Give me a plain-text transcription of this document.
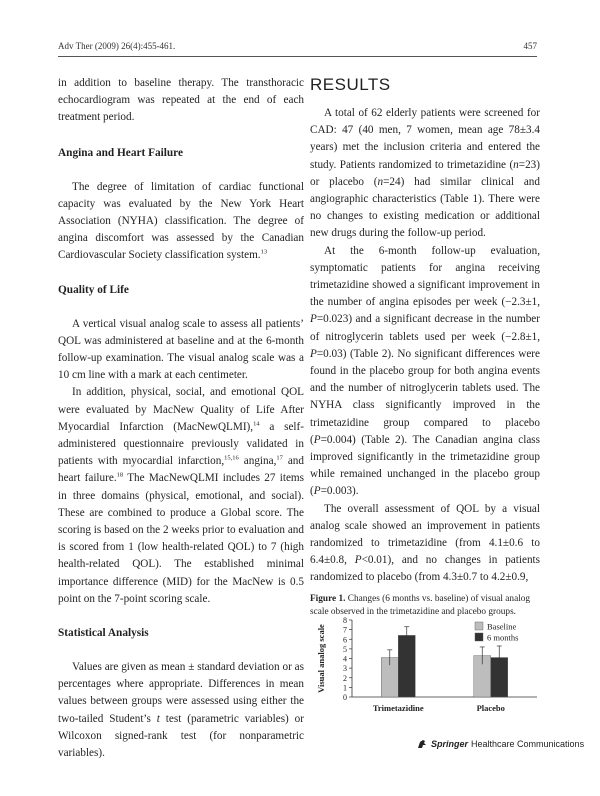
Adv Ther (2009) 26(4):455-461.	457

in addition to baseline therapy. The transthoracic echocardiogram was repeated at the end of each treatment period.

Angina and Heart Failure

The degree of limitation of cardiac functional capacity was evaluated by the New York Heart Association (NYHA) classification. The degree of angina discomfort was assessed by the Canadian Cardiovascular Society classification system.$^{13}$

Quality of Life

A vertical visual analog scale to assess all patients’ QOL was administered at baseline and at the 6-month follow-up examination. The visual analog scale was a 10 cm line with a mark at each centimeter.

In addition, physical, social, and emotional QOL were evaluated by MacNew Quality of Life After Myocardial Infarction (MacNewQLMI),$^{14}$ a self-administered questionnaire previously validated in patients with myocardial infarction,$^{15,16}$ angina,$^{17}$ and heart failure.$^{18}$ The MacNewQLMI includes 27 items in three domains (physical, emotional, and social). These are combined to produce a Global score. The scoring is based on the 2 weeks prior to evaluation and is scored from 1 (low health-related QOL) to 7 (high health-related QOL). The established minimal importance difference (MID) for the MacNew is 0.5 point on the 7-point scoring scale.

Statistical Analysis

Values are given as mean ± standard deviation or as percentages where appropriate. Differences in mean values between groups were assessed using either the two-tailed Student’s t test (parametric variables) or Wilcoxon signed-rank test (for nonparametric variables).

RESULTS

A total of 62 elderly patients were screened for CAD: 47 (40 men, 7 women, mean age 78±3.4 years) met the inclusion criteria and entered the study. Patients randomized to trimetazidine (n=23) or placebo (n=24) had similar clinical and angiographic characteristics (Table 1). There were no changes to existing medication or additional new drugs during the follow-up period.

At the 6-month follow-up evaluation, symptomatic patients for angina receiving trimetazidine showed a significant improvement in the number of angina episodes per week (−2.3±1, P=0.023) and a significant decrease in the number of nitroglycerin tablets used per week (−2.8±1, P=0.03) (Table 2). No significant differences were found in the placebo group for both angina events and the number of nitroglycerin tablets used. The NYHA class significantly improved in the trimetazidine group compared to placebo (P=0.004) (Table 2). The Canadian angina class improved significantly in the trimetazidine group while remained unchanged in the placebo group (P=0.003).

The overall assessment of QOL by a visual analog scale showed an improvement in patients randomized to trimetazidine (from 4.1±0.6 to 6.4±0.8, P<0.01), and no changes in patients randomized to placebo (from 4.3±0.7 to 4.2±0.9,

Figure 1. Changes (6 months vs. baseline) of visual analog scale observed in the trimetazidine and placebo groups.
0
1
2
3
4
5
6
7
8
Visual analog scale
Trimetazidine	Placebo
Baseline
6 months
Springer Healthcare Communications
